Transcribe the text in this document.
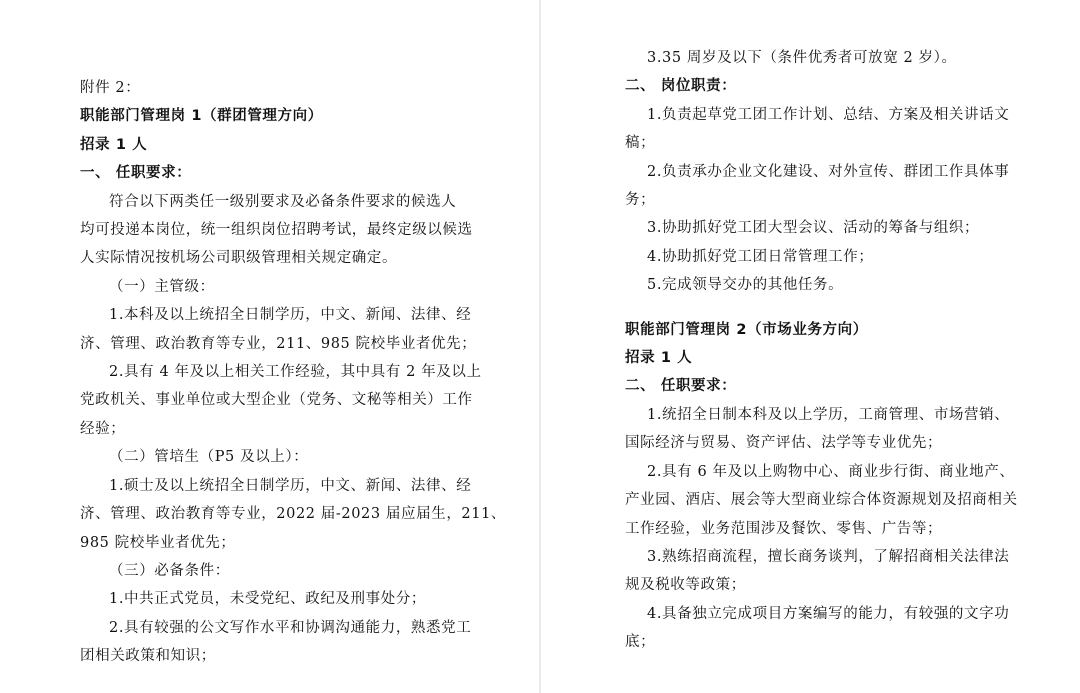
附件 2：
职能部门管理岗 1（群团管理方向）
招录 1 人
一、 任职要求：
符合以下两类任一级别要求及必备条件要求的候选人
均可投递本岗位，统一组织岗位招聘考试，最终定级以候选
人实际情况按机场公司职级管理相关规定确定。
（一）主管级：
1.本科及以上统招全日制学历，中文、新闻、法律、经
济、管理、政治教育等专业，211、985 院校毕业者优先；
2.具有 4 年及以上相关工作经验，其中具有 2 年及以上
党政机关、事业单位或大型企业（党务、文秘等相关）工作
经验；
（二）管培生（P5 及以上）：
1.硕士及以上统招全日制学历，中文、新闻、法律、经
济、管理、政治教育等专业，2022 届-2023 届应届生，211、
985 院校毕业者优先；
（三）必备条件：
1.中共正式党员，未受党纪、政纪及刑事处分；
2.具有较强的公文写作水平和协调沟通能力，熟悉党工
团相关政策和知识；
3.35 周岁及以下（条件优秀者可放宽 2 岁）。
二、 岗位职责：
1.负责起草党工团工作计划、总结、方案及相关讲话文
稿；
2.负责承办企业文化建设、对外宣传、群团工作具体事
务；
3.协助抓好党工团大型会议、活动的筹备与组织；
4.协助抓好党工团日常管理工作；
5.完成领导交办的其他任务。
职能部门管理岗 2（市场业务方向）
招录 1 人
二、 任职要求：
1.统招全日制本科及以上学历，工商管理、市场营销、
国际经济与贸易、资产评估、法学等专业优先；
2.具有 6 年及以上购物中心、商业步行街、商业地产、
产业园、酒店、展会等大型商业综合体资源规划及招商相关
工作经验，业务范围涉及餐饮、零售、广告等；
3.熟练招商流程，擅长商务谈判，了解招商相关法律法
规及税收等政策；
4.具备独立完成项目方案编写的能力，有较强的文字功
底；
